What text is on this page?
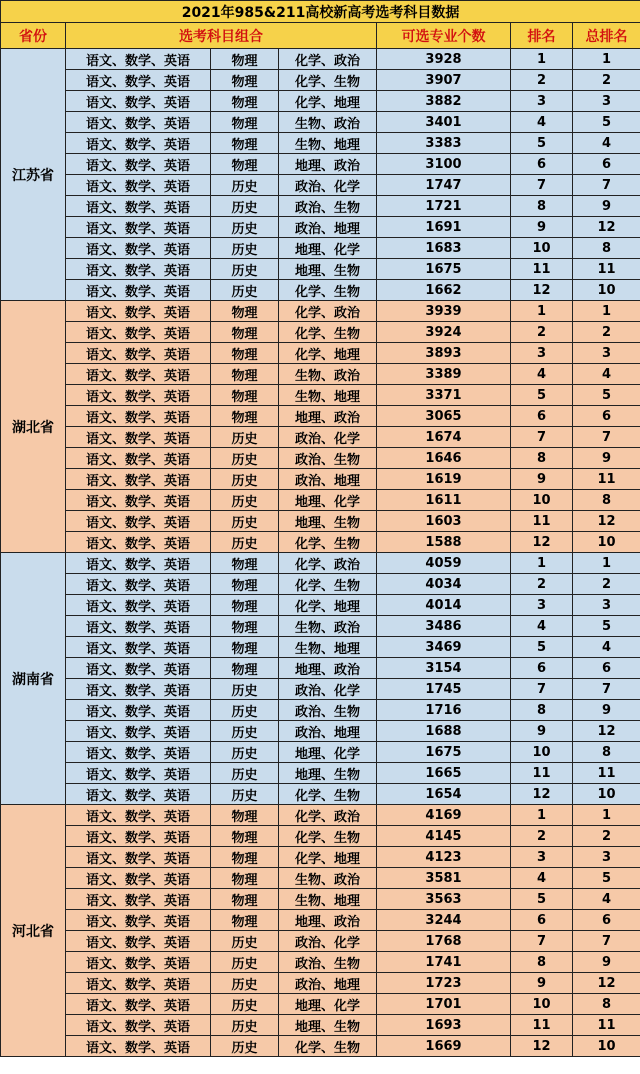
2021年985&211高校新高考选考科目数据						
省份	选考科目组合			可选专业个数	排名	总排名
江苏省	语文、数学、英语	物理	化学、政治	3928	1	1
	语文、数学、英语	物理	化学、生物	3907	2	2
	语文、数学、英语	物理	化学、地理	3882	3	3
	语文、数学、英语	物理	生物、政治	3401	4	5
	语文、数学、英语	物理	生物、地理	3383	5	4
	语文、数学、英语	物理	地理、政治	3100	6	6
	语文、数学、英语	历史	政治、化学	1747	7	7
	语文、数学、英语	历史	政治、生物	1721	8	9
	语文、数学、英语	历史	政治、地理	1691	9	12
	语文、数学、英语	历史	地理、化学	1683	10	8
	语文、数学、英语	历史	地理、生物	1675	11	11
	语文、数学、英语	历史	化学、生物	1662	12	10
湖北省	语文、数学、英语	物理	化学、政治	3939	1	1
	语文、数学、英语	物理	化学、生物	3924	2	2
	语文、数学、英语	物理	化学、地理	3893	3	3
	语文、数学、英语	物理	生物、政治	3389	4	4
	语文、数学、英语	物理	生物、地理	3371	5	5
	语文、数学、英语	物理	地理、政治	3065	6	6
	语文、数学、英语	历史	政治、化学	1674	7	7
	语文、数学、英语	历史	政治、生物	1646	8	9
	语文、数学、英语	历史	政治、地理	1619	9	11
	语文、数学、英语	历史	地理、化学	1611	10	8
	语文、数学、英语	历史	地理、生物	1603	11	12
	语文、数学、英语	历史	化学、生物	1588	12	10
湖南省	语文、数学、英语	物理	化学、政治	4059	1	1
	语文、数学、英语	物理	化学、生物	4034	2	2
	语文、数学、英语	物理	化学、地理	4014	3	3
	语文、数学、英语	物理	生物、政治	3486	4	5
	语文、数学、英语	物理	生物、地理	3469	5	4
	语文、数学、英语	物理	地理、政治	3154	6	6
	语文、数学、英语	历史	政治、化学	1745	7	7
	语文、数学、英语	历史	政治、生物	1716	8	9
	语文、数学、英语	历史	政治、地理	1688	9	12
	语文、数学、英语	历史	地理、化学	1675	10	8
	语文、数学、英语	历史	地理、生物	1665	11	11
	语文、数学、英语	历史	化学、生物	1654	12	10
河北省	语文、数学、英语	物理	化学、政治	4169	1	1
	语文、数学、英语	物理	化学、生物	4145	2	2
	语文、数学、英语	物理	化学、地理	4123	3	3
	语文、数学、英语	物理	生物、政治	3581	4	5
	语文、数学、英语	物理	生物、地理	3563	5	4
	语文、数学、英语	物理	地理、政治	3244	6	6
	语文、数学、英语	历史	政治、化学	1768	7	7
	语文、数学、英语	历史	政治、生物	1741	8	9
	语文、数学、英语	历史	政治、地理	1723	9	12
	语文、数学、英语	历史	地理、化学	1701	10	8
	语文、数学、英语	历史	地理、生物	1693	11	11
	语文、数学、英语	历史	化学、生物	1669	12	10
